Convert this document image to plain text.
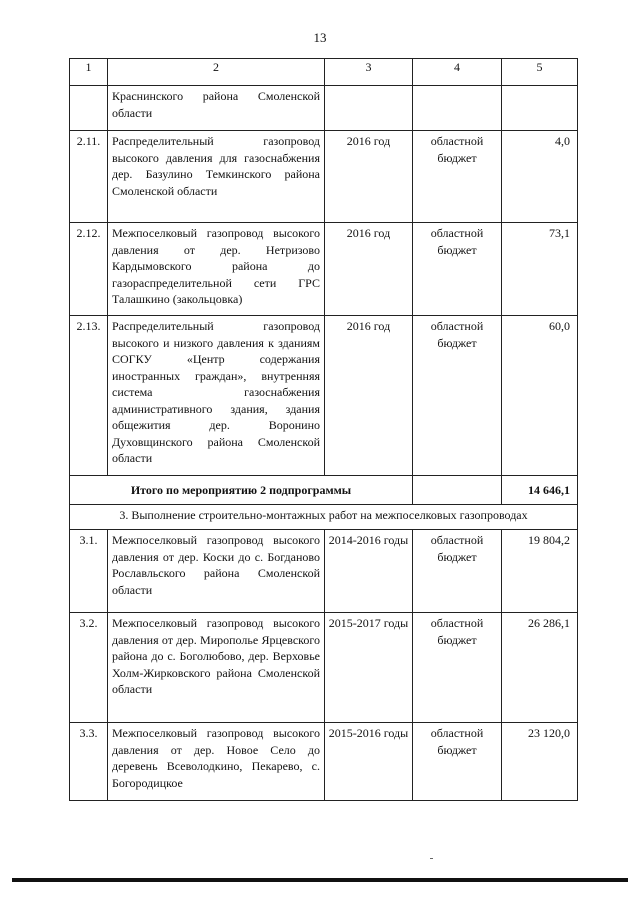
13
1	2	3	4	5
	Краснинского района Смоленской области			
2.11.	Распределительный газопровод высокого давления для газоснабжения дер. Базулино Темкинского района Смоленской области	2016 год	областной бюджет	4,0
2.12.	Межпоселковый газопровод высокого давления от дер. Нетризово Кардымовского района до газораспределительной сети ГРС Талашкино (закольцовка)	2016 год	областной бюджет	73,1
2.13.	Распределительный газопровод высокого и низкого давления к зданиям СОГКУ «Центр содержания иностранных граждан», внутренняя система газоснабжения административного здания, здания общежития дер. Воронино Духовщинского района Смоленской области	2016 год	областной бюджет	60,0
Итого по мероприятию 2 подпрограммы				14 646,1
3. Выполнение строительно-монтажных работ на межпоселковых газопроводах				
3.1.	Межпоселковый газопровод высокого давления от дер. Коски до с. Богданово Рославльского района Смоленской области	2014-2016 годы	областной бюджет	19 804,2
3.2.	Межпоселковый газопровод высокого давления от дер. Мирополье Ярцевского района до с. Боголюбово, дер. Верховье Холм-Жирковского района Смоленской области	2015-2017 годы	областной бюджет	26 286,1
3.3.	Межпоселковый газопровод высокого давления от дер. Новое Село до деревень Всеволодкино, Пекарево, с. Богородицкое	2015-2016 годы	областной бюджет	23 120,0
